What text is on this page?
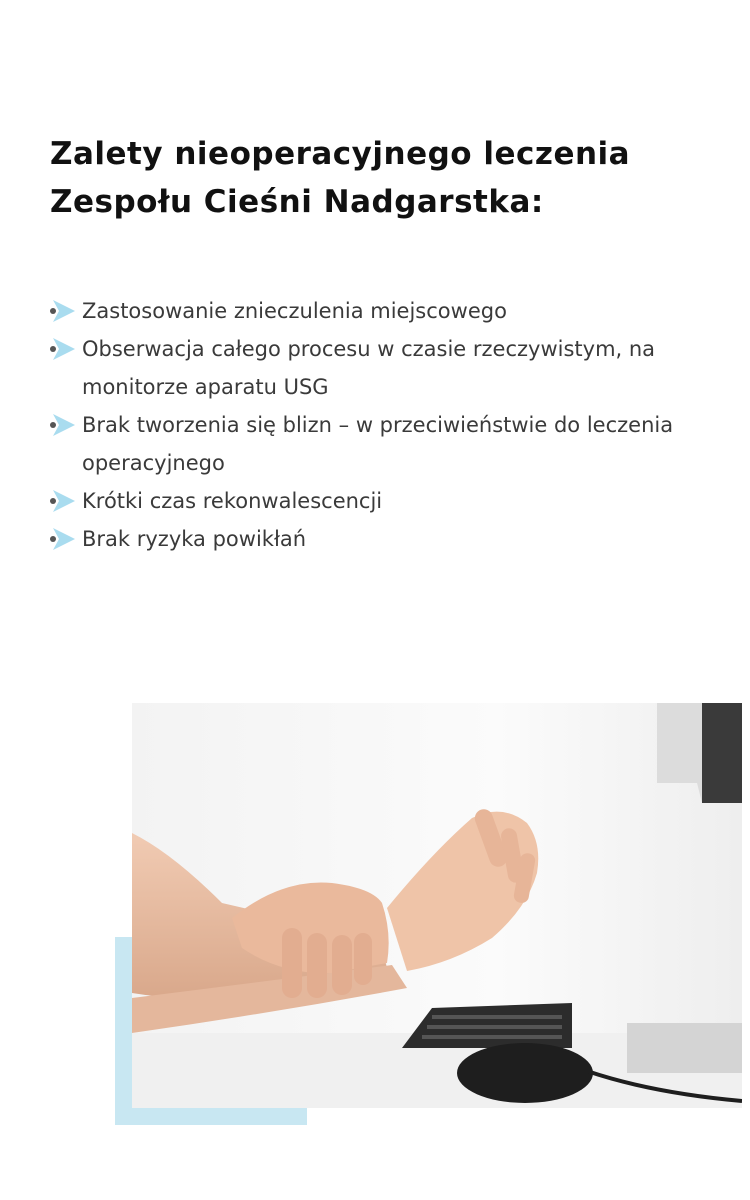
Zalety nieoperacyjnego leczenia
Zespołu Cieśni Nadgarstka:
Zastosowanie znieczulenia miejscowego
Obserwacja całego procesu w czasie rzeczywistym, na monitorze aparatu USG
Brak tworzenia się blizn – w przeciwieństwie do leczenia operacyjnego
Krótki czas rekonwalescencji
Brak ryzyka powikłań
